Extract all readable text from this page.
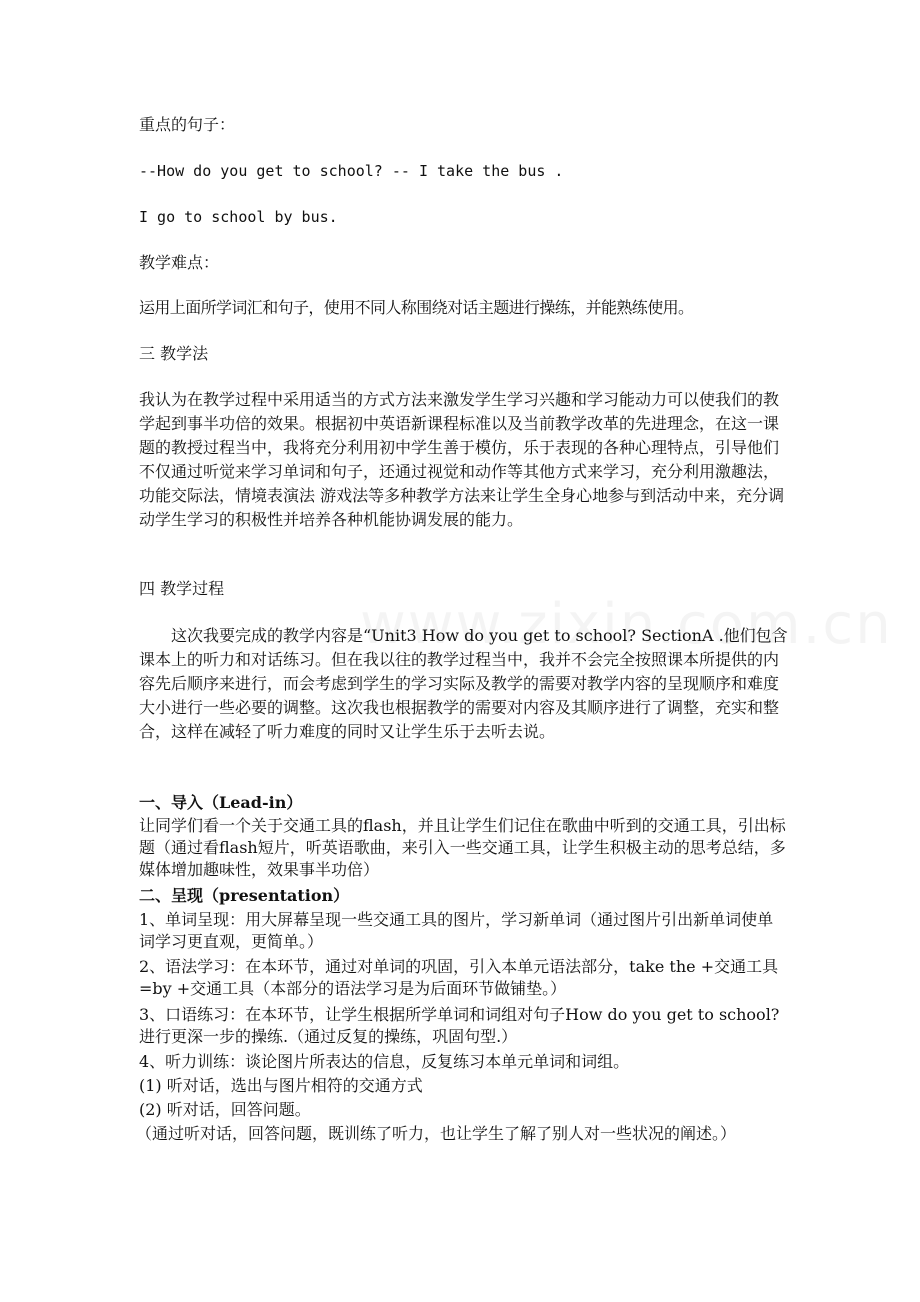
重点的句子：

--How do you get to school? -- I take the bus .

I go to school by bus.

教学难点：

运用上面所学词汇和句子，使用不同人称围绕对话主题进行操练，并能熟练使用。

三 教学法

我认为在教学过程中采用适当的方式方法来激发学生学习兴趣和学习能动力可以使我们的教学起到事半功倍的效果。根据初中英语新课程标准以及当前教学改革的先进理念，在这一课题的教授过程当中，我将充分利用初中学生善于模仿，乐于表现的各种心理特点，引导他们不仅通过听觉来学习单词和句子，还通过视觉和动作等其他方式来学习，充分利用激趣法，功能交际法，情境表演法 游戏法等多种教学方法来让学生全身心地参与到活动中来，充分调动学生学习的积极性并培养各种机能协调发展的能力。

四 教学过程

这次我要完成的教学内容是“Unit3 How do you get to school? SectionA .他们包含课本上的听力和对话练习。但在我以往的教学过程当中，我并不会完全按照课本所提供的内容先后顺序来进行，而会考虑到学生的学习实际及教学的需要对教学内容的呈现顺序和难度大小进行一些必要的调整。这次我也根据教学的需要对内容及其顺序进行了调整，充实和整合，这样在减轻了听力难度的同时又让学生乐于去听去说。

一、导入（Lead-in）

让同学们看一个关于交通工具的flash，并且让学生们记住在歌曲中听到的交通工具，引出标题（通过看flash短片，听英语歌曲，来引入一些交通工具，让学生积极主动的思考总结，多媒体增加趣味性，效果事半功倍）

二、呈现（presentation）

1、单词呈现：用大屏幕呈现一些交通工具的图片，学习新单词（通过图片引出新单词使单词学习更直观，更简单。）

2、语法学习：在本环节，通过对单词的巩固，引入本单元语法部分，take the +交通工具=by +交通工具（本部分的语法学习是为后面环节做铺垫。）

3、口语练习：在本环节，让学生根据所学单词和词组对句子How do you get to school?进行更深一步的操练.（通过反复的操练，巩固句型.）

4、听力训练：谈论图片所表达的信息，反复练习本单元单词和词组。

(1) 听对话，选出与图片相符的交通方式

(2) 听对话，回答问题。

（通过听对话，回答问题，既训练了听力，也让学生了解了别人对一些状况的阐述。）
